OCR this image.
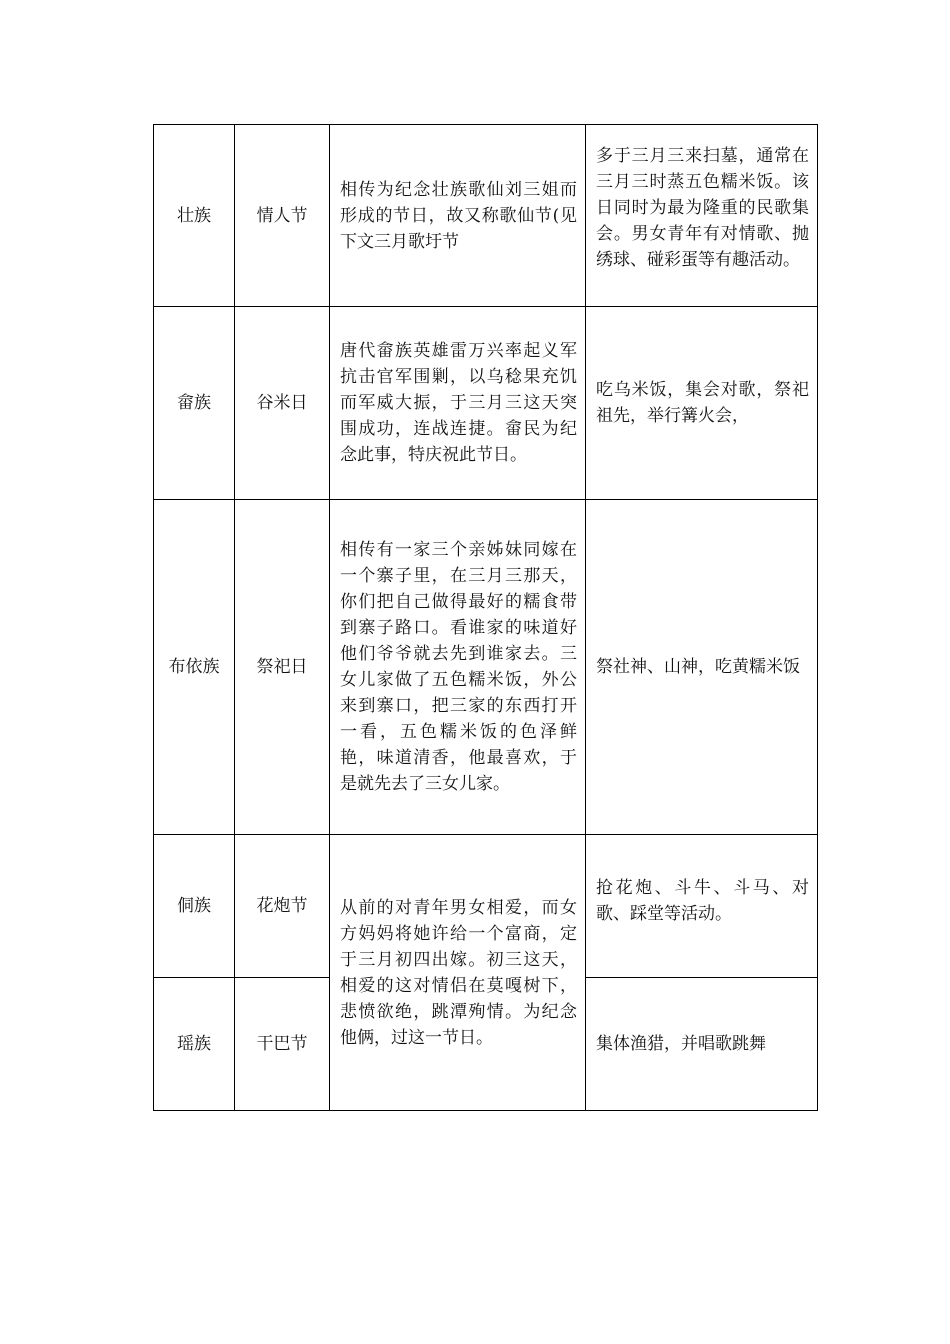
壮族	情人节	相传为纪念壮族歌仙刘三姐而形成的节日，故又称歌仙节(见下文三月歌圩节	多于三月三来扫墓，通常在三月三时蒸五色糯米饭。该日同时为最为隆重的民歌集会。男女青年有对情歌、抛绣球、碰彩蛋等有趣活动。
畲族	谷米日	唐代畲族英雄雷万兴率起义军抗击官军围剿，以乌稔果充饥而军威大振，于三月三这天突围成功，连战连捷。畲民为纪念此事，特庆祝此节日。	吃乌米饭，集会对歌，祭祀祖先，举行篝火会，
布依族	祭祀日	相传有一家三个亲姊妹同嫁在一个寨子里，在三月三那天，你们把自己做得最好的糯食带到寨子路口。看谁家的味道好他们爷爷就去先到谁家去。三女儿家做了五色糯米饭，外公来到寨口，把三家的东西打开一看，五色糯米饭的色泽鲜艳，味道清香，他最喜欢，于是就先去了三女儿家。	祭社神、山神，吃黄糯米饭
侗族	花炮节	从前的对青年男女相爱，而女方妈妈将她许给一个富商，定于三月初四出嫁。初三这天，相爱的这对情侣在莫嘎树下，悲愤欲绝，跳潭殉情。为纪念他俩，过这一节日。	抢花炮、斗牛、斗马、对歌、踩堂等活动。
瑶族	干巴节		集体渔猎，并唱歌跳舞
